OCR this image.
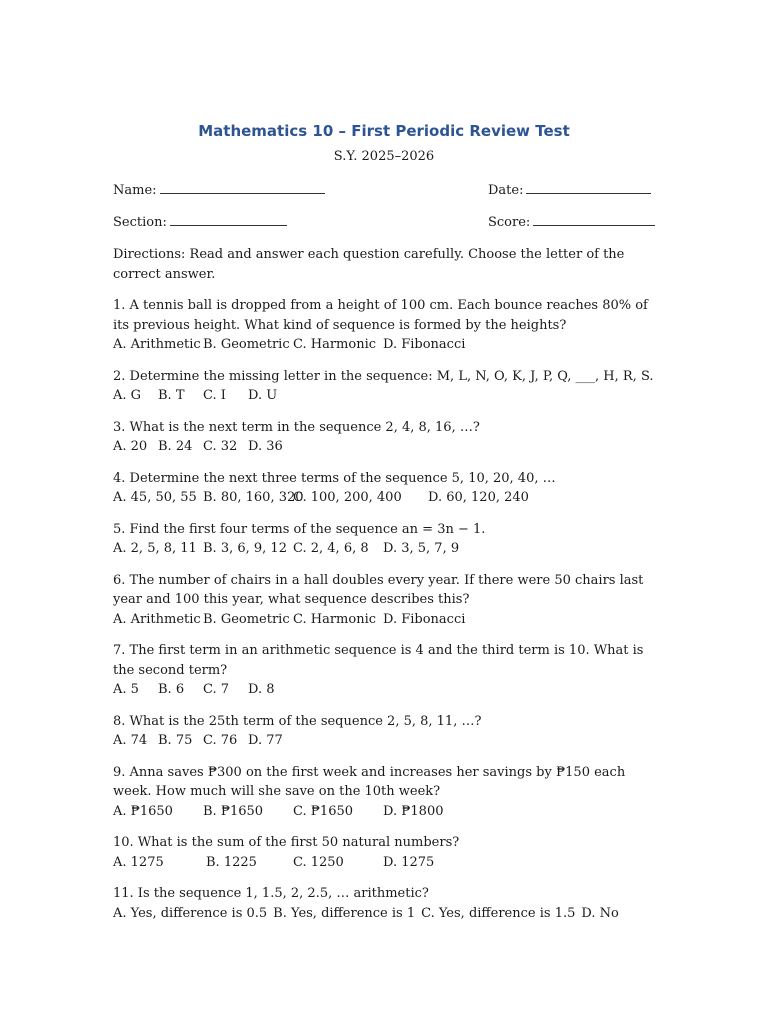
Mathematics 10 – First Periodic Review Test
S.Y. 2025–2026
Name:	Date:
Section:	Score:
Directions: Read and answer each question carefully. Choose the letter of the correct answer.
1. A tennis ball is dropped from a height of 100 cm. Each bounce reaches 80% of its previous height. What kind of sequence is formed by the heights?
A. Arithmetic B. Geometric C. Harmonic D. Fibonacci
2. Determine the missing letter in the sequence: M, L, N, O, K, J, P, Q, ___, H, R, S.
A. G B. T C. I D. U
3. What is the next term in the sequence 2, 4, 8, 16, …?
A. 20 B. 24 C. 32 D. 36
4. Determine the next three terms of the sequence 5, 10, 20, 40, …
A. 45, 50, 55 B. 80, 160, 320
C. 100, 200, 400 D. 60, 120, 240
5. Find the first four terms of the sequence an = 3n − 1.
A. 2, 5, 8, 11 B. 3, 6, 9, 12 C. 2, 4, 6, 8 D. 3, 5, 7, 9
6. The number of chairs in a hall doubles every year. If there were 50 chairs last year and 100 this year, what sequence describes this?
A. Arithmetic B. Geometric C. Harmonic D. Fibonacci
7. The first term in an arithmetic sequence is 4 and the third term is 10. What is the second term?
A. 5 B. 6 C. 7 D. 8
8. What is the 25th term of the sequence 2, 5, 8, 11, …?
A. 74 B. 75 C. 76 D. 77
9. Anna saves ₱300 on the first week and increases her savings by ₱150 each week. How much will she save on the 10th week?
A. ₱1650 B. ₱1650 C. ₱1650 D. ₱1800
10. What is the sum of the first 50 natural numbers?
A. 1275	B. 1225	C. 1250	D. 1275
11. Is the sequence 1, 1.5, 2, 2.5, … arithmetic?
A. Yes, difference is 0.5 B. Yes, difference is 1 C. Yes, difference is 1.5 D. No
